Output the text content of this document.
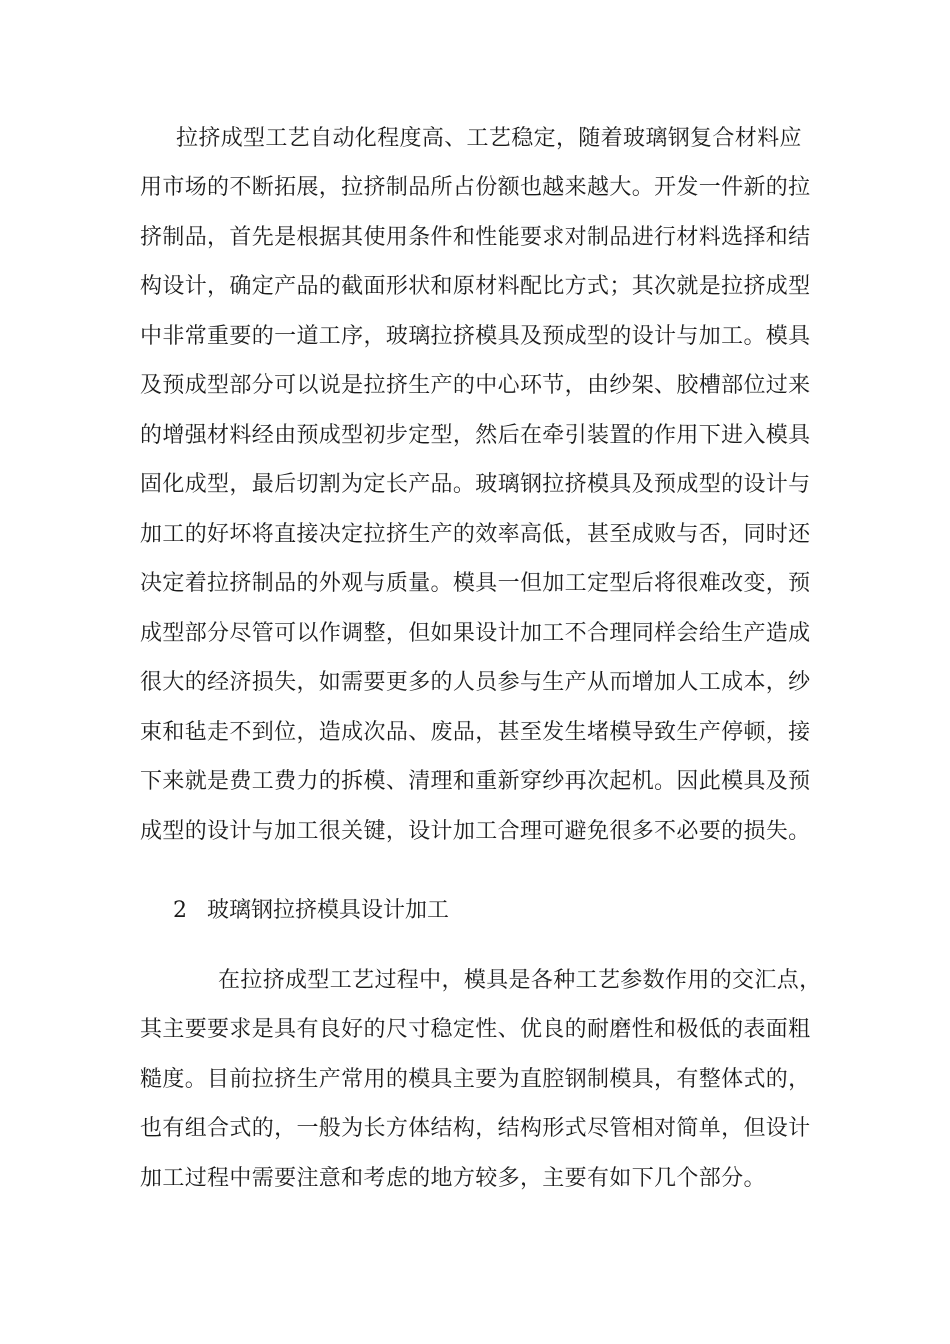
拉挤成型工艺自动化程度高、工艺稳定，随着玻璃钢复合材料应
用市场的不断拓展，拉挤制品所占份额也越来越大。开发一件新的拉
挤制品，首先是根据其使用条件和性能要求对制品进行材料选择和结
构设计，确定产品的截面形状和原材料配比方式；其次就是拉挤成型
中非常重要的一道工序，玻璃拉挤模具及预成型的设计与加工。模具
及预成型部分可以说是拉挤生产的中心环节，由纱架、胶槽部位过来
的增强材料经由预成型初步定型，然后在牵引装置的作用下进入模具
固化成型，最后切割为定长产品。玻璃钢拉挤模具及预成型的设计与
加工的好坏将直接决定拉挤生产的效率高低，甚至成败与否，同时还
决定着拉挤制品的外观与质量。模具一但加工定型后将很难改变，预
成型部分尽管可以作调整，但如果设计加工不合理同样会给生产造成
很大的经济损失，如需要更多的人员参与生产从而增加人工成本，纱
束和毡走不到位，造成次品、废品，甚至发生堵模导致生产停顿，接
下来就是费工费力的拆模、清理和重新穿纱再次起机。因此模具及预
成型的设计与加工很关键，设计加工合理可避免很多不必要的损失。
2 玻璃钢拉挤模具设计加工
在拉挤成型工艺过程中，模具是各种工艺参数作用的交汇点，
其主要要求是具有良好的尺寸稳定性、优良的耐磨性和极低的表面粗
糙度。目前拉挤生产常用的模具主要为直腔钢制模具，有整体式的，
也有组合式的，一般为长方体结构，结构形式尽管相对简单，但设计
加工过程中需要注意和考虑的地方较多，主要有如下几个部分。
